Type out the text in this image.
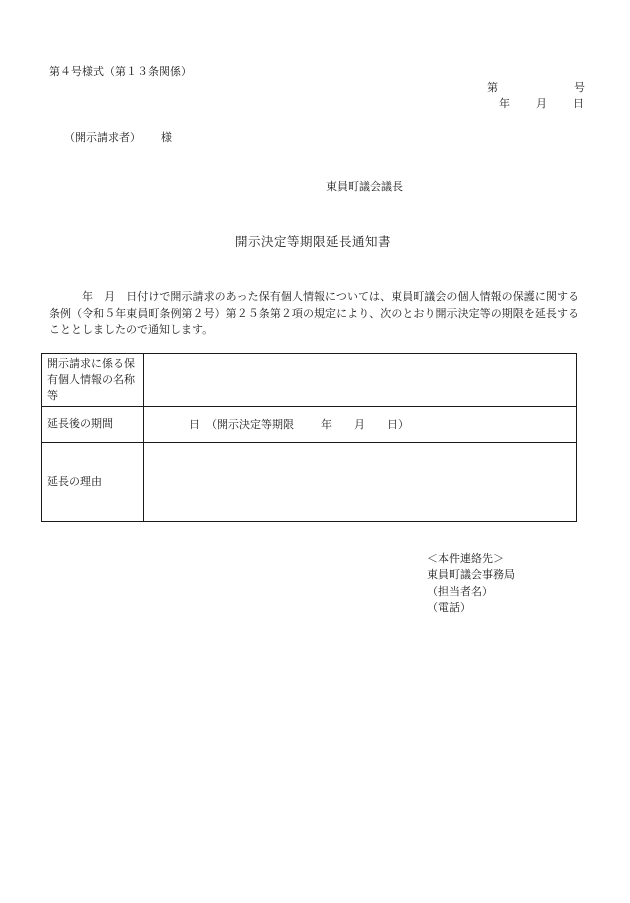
第４号様式（第１３条関係）
第	号
年 月 日
（開示請求者） 様
東員町議会議長
開示決定等期限延長通知書
年　月　日付けで開示請求のあった保有個人情報については、東員町議会の個人情報の保護に関する条例（令和５年東員町条例第２号）第２５条第２項の規定により、次のとおり開示決定等の期限を延長することとしましたので通知します。
開示請求に係る保有個人情報の名称等	
延長後の期間	日 （開示決定等期限 年 月 日）
延長の理由	
＜本件連絡先＞
東員町議会事務局
（担当者名）
（電話）
